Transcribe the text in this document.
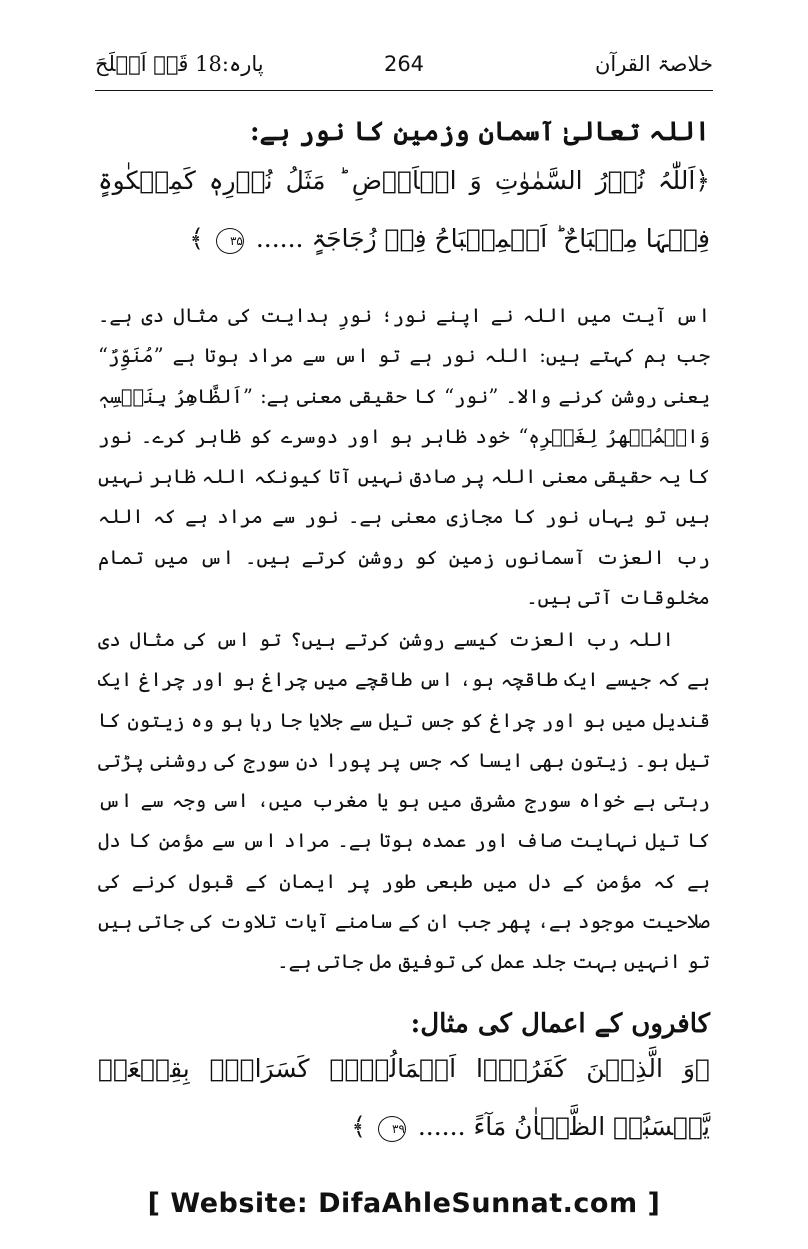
خلاصۃ القرآن
264
پارہ:18 قَدۡ اَفۡلَحَ
اللہ تعالیٰ آسمان وزمین کا نور ہے:
﴿اَللّٰہُ نُوۡرُ السَّمٰوٰتِ وَ الۡاَرۡضِ ؕ مَثَلُ نُوۡرِہٖ کَمِشۡکٰوۃٍ فِیۡہَا مِصۡبَاحٌ ؕ اَلۡمِصۡبَاحُ فِیۡ زُجَاجَۃٍ ...... ۳۵ ﴾
اس آیت میں اللہ نے اپنے نور؛ نورِ ہدایت کی مثال دی ہے۔ جب ہم کہتے ہیں: اللہ نور ہے تو اس سے مراد ہوتا ہے ”مُنَوِّرٌ“ یعنی روشن کرنے والا۔ ”نور“ کا حقیقی معنی ہے: ”اَلظَّاھِرُ بِنَفۡسِہٖ وَالۡمُظۡھِرُ لِغَیۡرِہٖ“ خود ظاہر ہو اور دوسرے کو ظاہر کرے۔ نور کا یہ حقیقی معنی اللہ پر صادق نہیں آتا کیونکہ اللہ ظاہر نہیں ہیں تو یہاں نور کا مجازی معنی ہے۔ نور سے مراد ہے کہ اللہ رب العزت آسمانوں زمین کو روشن کرتے ہیں۔ اس میں تمام مخلوقات آتی ہیں۔
اللہ رب العزت کیسے روشن کرتے ہیں؟ تو اس کی مثال دی ہے کہ جیسے ایک طاقچہ ہو، اس طاقچے میں چراغ ہو اور چراغ ایک قندیل میں ہو اور چراغ کو جس تیل سے جلایا جا رہا ہو وہ زیتون کا تیل ہو۔ زیتون بھی ایسا کہ جس پر پورا دن سورج کی روشنی پڑتی رہتی ہے خواہ سورج مشرق میں ہو یا مغرب میں، اسی وجہ سے اس کا تیل نہایت صاف اور عمدہ ہوتا ہے۔ مراد اس سے مؤمن کا دل ہے کہ مؤمن کے دل میں طبعی طور پر ایمان کے قبول کرنے کی صلاحیت موجود ہے، پھر جب ان کے سامنے آیات تلاوت کی جاتی ہیں تو انہیں بہت جلد عمل کی توفیق مل جاتی ہے۔
کافروں کے اعمال کی مثال:
﴿وَ الَّذِیۡنَ کَفَرُوۡۤا اَعۡمَالُہُمۡ کَسَرَابٍۭ بِقِیۡعَۃٍ یَّحۡسَبُہُ الظَّمۡاٰنُ مَآءً ...... ۳۹ ﴾
[ Website: DifaAhleSunnat.com ]
